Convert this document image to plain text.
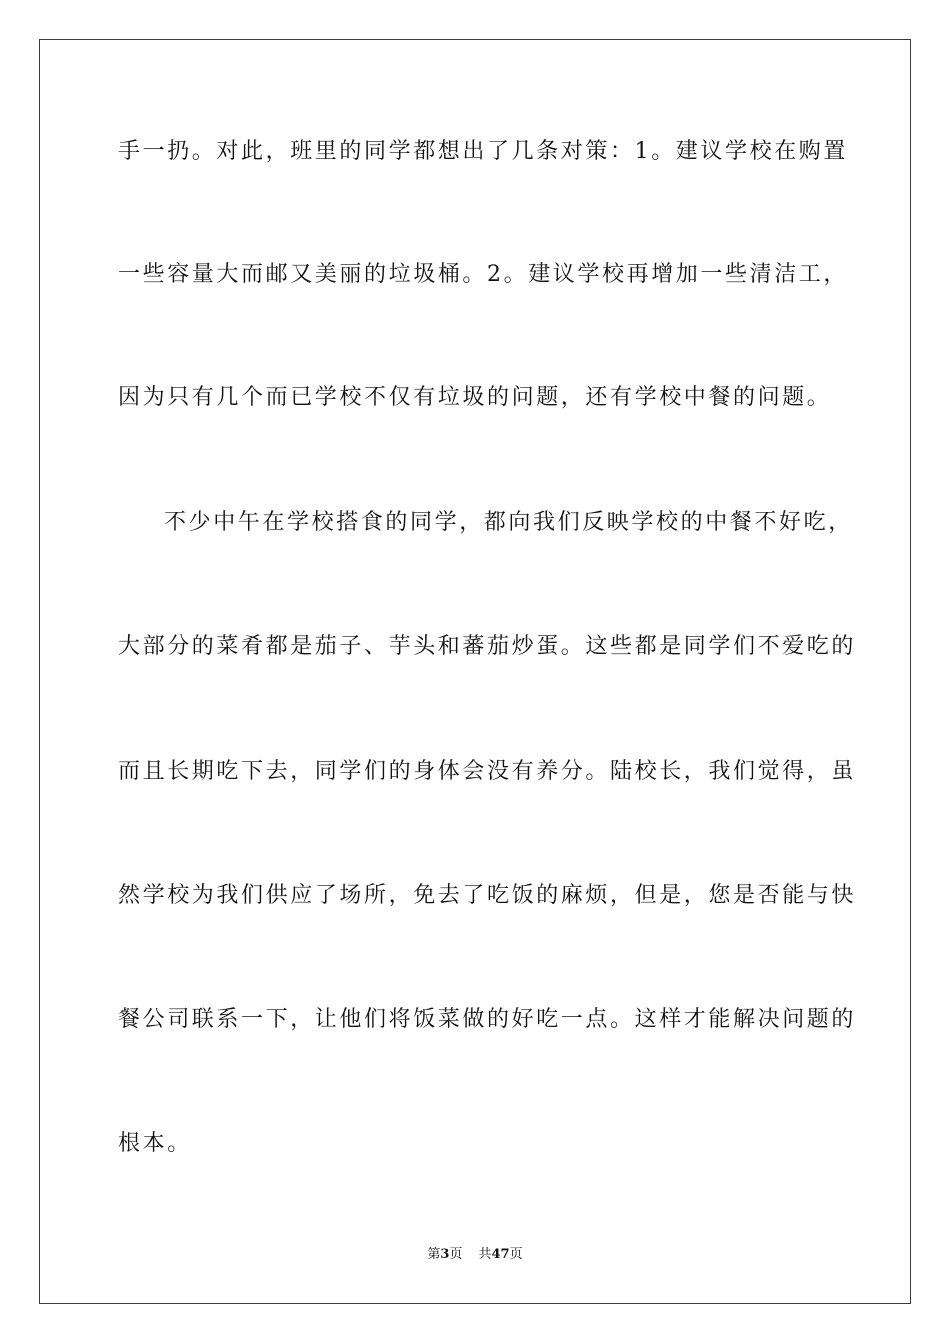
手一扔。对此，班里的同学都想出了几条对策：1。建议学校在购置
一些容量大而邮又美丽的垃圾桶。2。建议学校再增加一些清洁工，
因为只有几个而已学校不仅有垃圾的问题，还有学校中餐的问题。
不少中午在学校搭食的同学，都向我们反映学校的中餐不好吃，
大部分的菜肴都是茄子、芋头和蕃茄炒蛋。这些都是同学们不爱吃的
而且长期吃下去，同学们的身体会没有养分。陆校长，我们觉得，虽
然学校为我们供应了场所，免去了吃饭的麻烦，但是，您是否能与快
餐公司联系一下，让他们将饭菜做的好吃一点。这样才能解决问题的
根本。
第3页 共47页
